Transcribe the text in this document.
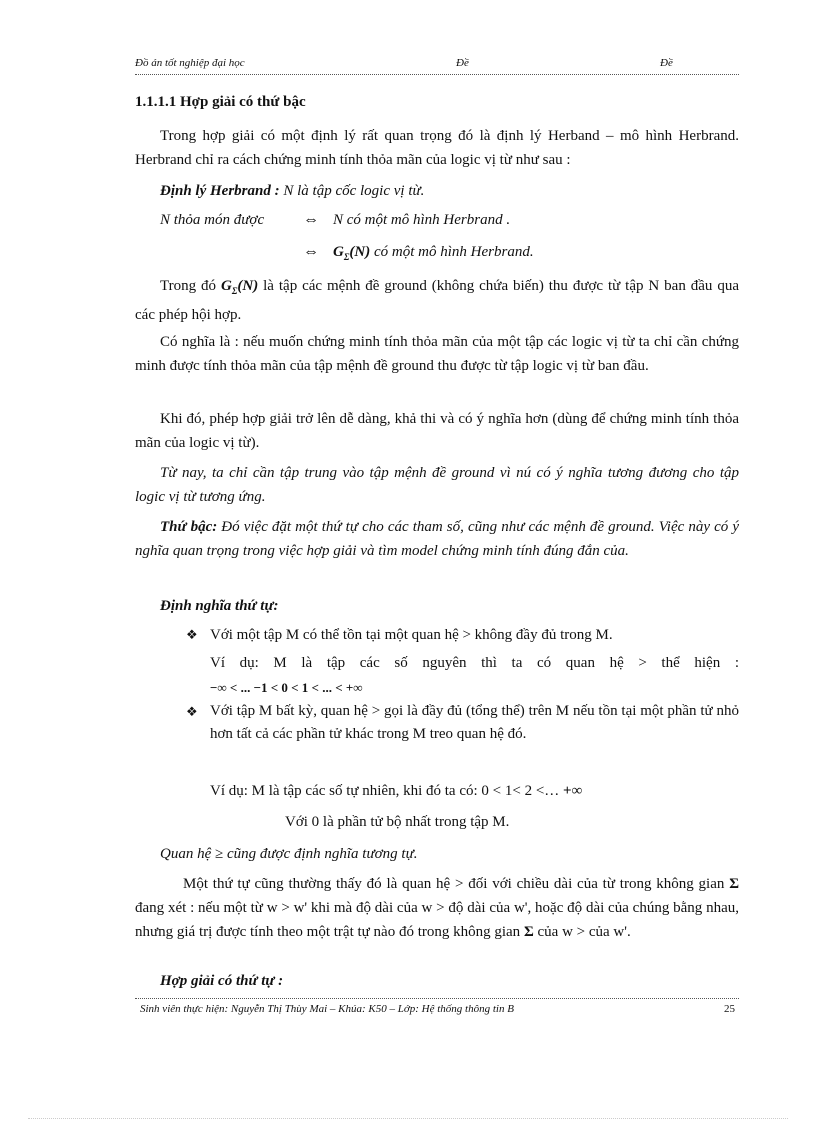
Đồ án tốt nghiệp đại học	Đề	Đề
1.1.1.1 Hợp giải có thứ bậc
Trong hợp giải có một định lý rất quan trọng đó là định lý Herband – mô hình Herbrand. Herbrand chỉ ra cách chứng minh tính thỏa mãn của logic vị từ như sau :
Định lý Herbrand : N là tập cốc logic vị từ.
N thỏa món được ⇔ N có một mô hình Herbrand .
⇔ $G_\Sigma(N)$ có một mô hình Herbrand.
Trong đó $G_\Sigma(N)$ là tập các mệnh đề ground (không chứa biến) thu được từ tập N ban đầu qua các phép hội hợp.
Có nghĩa là : nếu muốn chứng minh tính thỏa mãn của một tập các logic vị từ ta chỉ cần chứng minh được tính thỏa mãn của tập mệnh đề ground thu được từ tập logic vị từ ban đầu.
Khi đó, phép hợp giải trở lên dễ dàng, khả thi và có ý nghĩa hơn (dùng để chứng minh tính thỏa mãn của logic vị từ).
Từ nay, ta chỉ cần tập trung vào tập mệnh đề ground vì nú có ý nghĩa tương đương cho tập logic vị từ tương ứng.
Thứ bậc: Đó việc đặt một thứ tự cho các tham số, cũng như các mệnh đề ground. Việc này có ý nghĩa quan trọng trong việc hợp giải và tìm model chứng minh tính đúng đắn của.
Định nghĩa thứ tự:
❖ Với một tập M có thể tồn tại một quan hệ > không đầy đủ trong M.
Ví dụ: M là tập các số nguyên thì ta có quan hệ > thể hiện :
−∞ < ... −1 < 0 < 1 < ... < +∞
❖ Với tập M bất kỳ, quan hệ > gọi là đầy đủ (tổng thể) trên M nếu tồn tại một phần tử nhỏ hơn tất cả các phần tử khác trong M treo quan hệ đó.
Ví dụ: M là tập các số tự nhiên, khi đó ta có: 0 < 1< 2 <… +∞
Với 0 là phần tử bộ nhất trong tập M.
Quan hệ ≥ cũng được định nghĩa tương tự.
Một thứ tự cũng thường thấy đó là quan hệ > đối với chiều dài của từ trong không gian Σ đang xét : nếu một từ w > w' khi mà độ dài của w > độ dài của w', hoặc độ dài của chúng bằng nhau, nhưng giá trị được tính theo một trật tự nào đó trong không gian Σ của w > của w'.
Hợp giải có thứ tự :
Sinh viên thực hiện: Nguyễn Thị Thùy Mai – Khúa: K50 – Lớp: Hệ thống thông tin B	25
